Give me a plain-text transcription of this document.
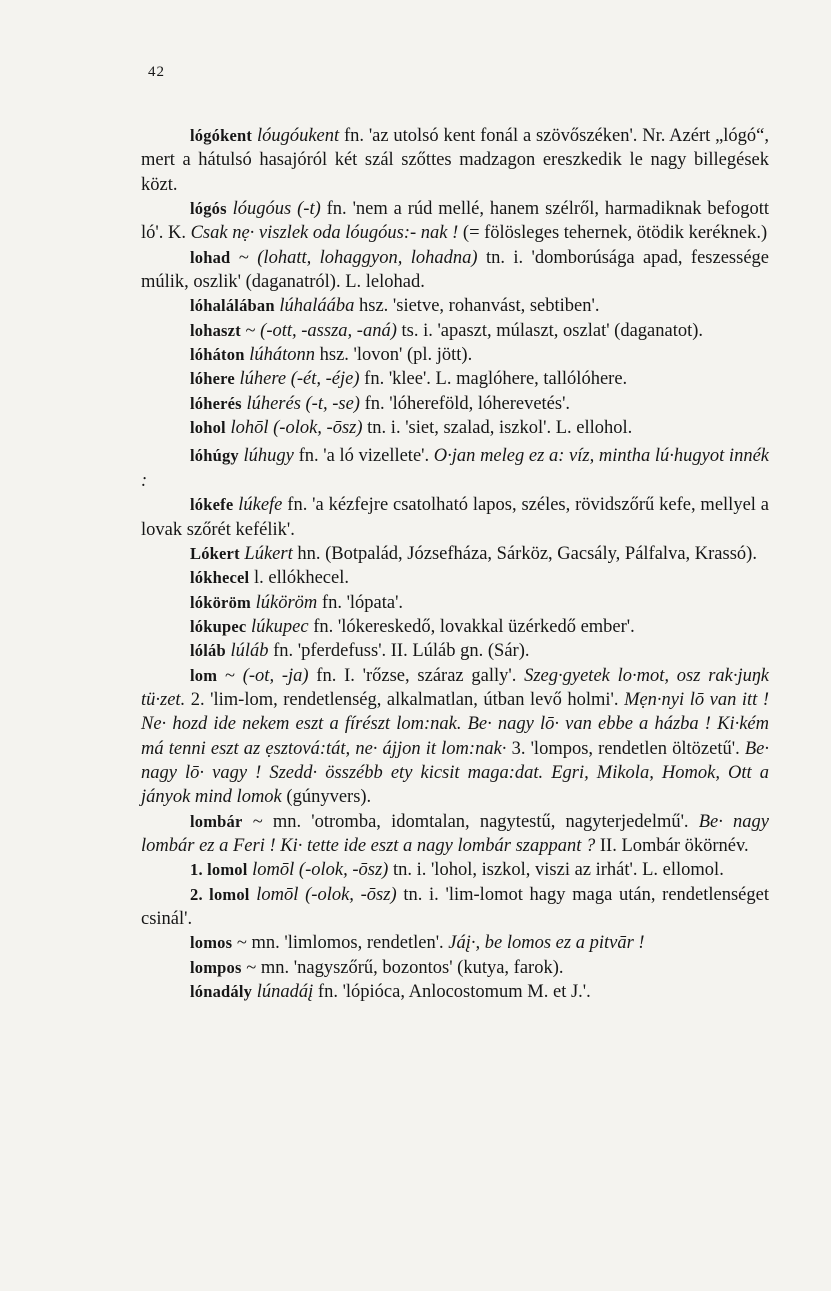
42

lógókent lóugóukent fn. 'az utolsó kent fonál a szövőszéken'. Nr. Azért „lógó“, mert a hátulsó hasajóról két szál szőttes madzagon ereszkedik le nagy billegések közt.

lógós lóugóus (-t) fn. 'nem a rúd mellé, hanem szélről, harmadiknak befogott ló'. K. Csak nẹ· viszlek oda lóugóus:- nak ! (= fölösleges tehernek, ötödik keréknek.)

lohad ~ (lohatt, lohaggyon, lohadna) tn. i. 'domborúsága apad, feszessége múlik, oszlik' (daganatról). L. lelohad.

lóhalálában lúhaláába hsz. 'sietve, rohanvást, sebtiben'.

lohaszt ~ (-ott, -assza, -aná) ts. i. 'apaszt, múlaszt, oszlat' (daganatot).

lóháton lúhátonn hsz. 'lovon' (pl. jött).

lóhere lúhere (-ét, -éje) fn. 'klee'. L. maglóhere, tallólóhere.

lóherés lúherés (-t, -se) fn. 'lóhereföld, lóherevetés'.

lohol lohōl (-olok, -ōsz) tn. i. 'siet, szalad, iszkol'. L. ellohol.

lóhúgy lúhugy fn. 'a ló vizellete'. O·jan meleg ez a: víz, mintha lú·hugyot innék :

lókefe lúkefe fn. 'a kézfejre csatolható lapos, széles, rövidszőrű kefe, mellyel a lovak szőrét kefélik'.

Lókert Lúkert hn. (Botpalád, Józsefháza, Sárköz, Gacsály, Pálfalva, Krassó).

lókhecel l. ellókhecel.

lóköröm lúköröm fn. 'lópata'.

lókupec lúkupec fn. 'lókereskedő, lovakkal üzérkedő ember'.

lóláb lúláb fn. 'pferdefuss'. II. Lúláb gn. (Sár).

lom ~ (-ot, -ja) fn. I. 'rőzse, száraz gally'. Szeg·gyetek lo·mot, osz rak·juŋk tü·zet. 2. 'lim-lom, rendetlenség, alkalmatlan, útban levő holmi'. Mẹn·nyi lō van itt ! Ne· hozd ide nekem eszt a fírészt lom:nak. Be· nagy lō· van ebbe a házba ! Ki·kém má tenni eszt az ẹsztová:tát, ne· ájjon it lom:nak· 3. 'lompos, rendetlen öltözetű'. Be· nagy lō· vagy ! Szedd· összébb ety kicsit maga:dat. Egri, Mikola, Homok, Ott a jányok mind lomok (gúnyvers).

lombár ~ mn. 'otromba, idomtalan, nagytestű, nagyterjedelmű'. Be· nagy lombár ez a Feri ! Ki· tette ide eszt a nagy lombár szappant ? II. Lombár ökörnév.

1. lomol lomōl (-olok, -ōsz) tn. i. 'lohol, iszkol, viszi az irhát'. L. ellomol.

2. lomol lomōl (-olok, -ōsz) tn. i. 'lim-lomot hagy maga után, rendetlenséget csinál'.

lomos ~ mn. 'limlomos, rendetlen'. Jáį·, be lomos ez a pitvār !

lompos ~ mn. 'nagyszőrű, bozontos' (kutya, farok).

lónadály lúnadáį fn. 'lópióca, Anlocostomum M. et J.'.
